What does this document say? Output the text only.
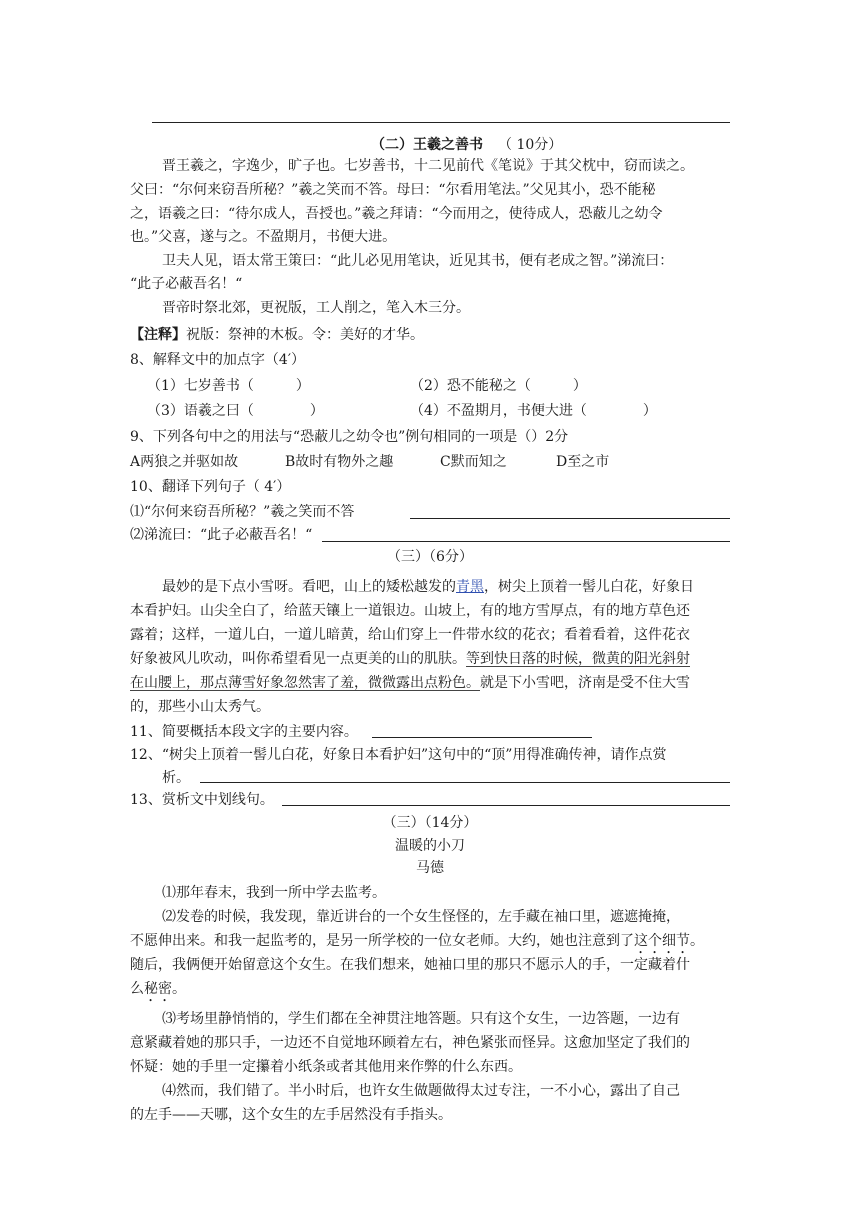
（二）王羲之善书 （ 10分）
晋王羲之，字逸少，旷子也。七岁善书，十二见前代《笔说》于其父枕中，窃而读之。
父曰：“尔何来窃吾所秘？”羲之笑而不答。母曰：“尔看用笔法。”父见其小，恐不能秘
之，语羲之曰：“待尔成人，吾授也。”羲之拜请：“今而用之，使待成人，恐蔽儿之幼令
也。”父喜，遂与之。不盈期月，书便大进。
卫夫人见，语太常王策曰：“此儿必见用笔诀，近见其书，便有老成之智。”涕流曰：
“此子必蔽吾名！“
晋帝时祭北郊，更祝版，工人削之，笔入木三分。
【注释】祝版：祭神的木板。令：美好的才华。
8、解释文中的加点字（4′）
（1）七岁善书（　　　）	（2）恐不能秘之（　　　）
（3）语羲之曰（　　　　）	（4）不盈期月，书便大进（　　　　）
9、下列各句中之的用法与“恐蔽儿之幼令也”例句相同的一项是（）2分
A两狼之并驱如故	B故时有物外之趣	C默而知之	D至之市
10、翻译下列句子（ 4′）
⑴“尔何来窃吾所秘？”羲之笑而不答
⑵涕流曰：“此子必蔽吾名！“
（三）（6分）
最妙的是下点小雪呀。看吧，山上的矮松越发的青黑，树尖上顶着一髻儿白花，好象日
本看护妇。山尖全白了，给蓝天镶上一道银边。山坡上，有的地方雪厚点，有的地方草色还
露着；这样，一道儿白，一道儿暗黄，给山们穿上一件带水纹的花衣；看着看着，这件花衣
好象被风儿吹动，叫你希望看见一点更美的山的肌肤。等到快日落的时候，微黄的阳光斜射
在山腰上，那点薄雪好象忽然害了羞，微微露出点粉色。就是下小雪吧，济南是受不住大雪
的，那些小山太秀气。
11、简要概括本段文字的主要内容。
12、“树尖上顶着一髻儿白花，好象日本看护妇”这句中的“顶”用得准确传神，请作点赏
析。
13、赏析文中划线句。
（三）（14分）
温暖的小刀
马德
⑴那年春末，我到一所中学去监考。
⑵发卷的时候，我发现，靠近讲台的一个女生怪怪的，左手藏在袖口里，遮遮掩掩，
不愿伸出来。和我一起监考的，是另一所学校的一位女老师。大约，她也注意到了这个细节。
随后，我俩便开始留意这个女生。在我们想来，她袖口里的那只不愿示人的手，一定藏着什
么秘密。
⑶考场里静悄悄的，学生们都在全神贯注地答题。只有这个女生，一边答题，一边有
意紧藏着她的那只手，一边还不自觉地环顾着左右，神色紧张而怪异。这愈加坚定了我们的
怀疑：她的手里一定攥着小纸条或者其他用来作弊的什么东西。
⑷然而，我们错了。半小时后，也许女生做题做得太过专注，一不小心，露出了自己
的左手——天哪，这个女生的左手居然没有手指头。
